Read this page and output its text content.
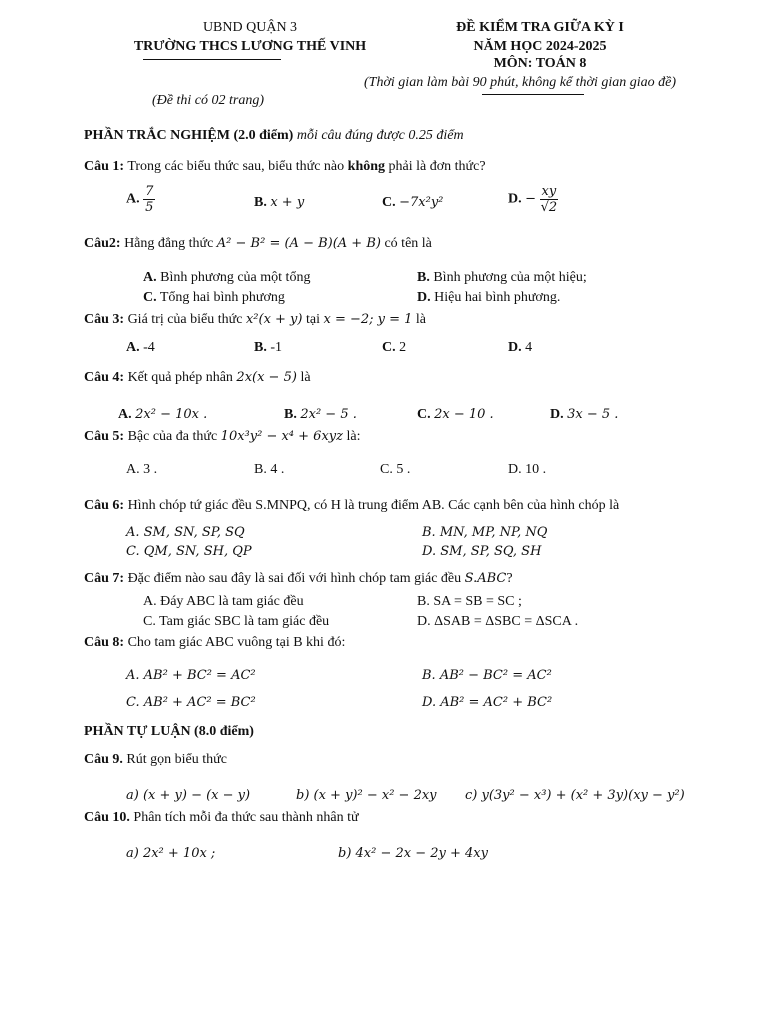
UBND QUẬN 3
TRƯỜNG THCS LƯƠNG THẾ VINH
ĐỀ KIỂM TRA GIỮA KỲ I
NĂM HỌC 2024-2025
MÔN: TOÁN 8
(Thời gian làm bài 90 phút, không kể thời gian giao đề)
(Đề thi có 02 trang)
PHẦN TRẮC NGHIỆM (2.0 điểm) mỗi câu đúng được 0.25 điểm
Câu 1: Trong các biểu thức sau, biểu thức nào không phải là đơn thức?
A. $\frac{7}{5}$	B. x + y	C. −7x²y²	D. − $\frac{xy}{√2}$
Câu2: Hằng đẳng thức A² − B² = (A − B)(A + B) có tên là
A. Bình phương của một tổng	B. Bình phương của một hiệu;
C. Tổng hai bình phương	D. Hiệu hai bình phương.
Câu 3: Giá trị của biểu thức x²(x + y) tại x = −2; y = 1 là
A. -4	B. -1	C. 2	D. 4
Câu 4: Kết quả phép nhân 2x(x − 5) là
A. 2x² − 10x .	B. 2x² − 5 .	C. 2x − 10 .	D. 3x − 5 .
Câu 5: Bậc của đa thức 10x³y² − x⁴ + 6xyz là:
A. 3 .	B. 4 .	C. 5 .	D. 10 .
Câu 6: Hình chóp tứ giác đều S.MNPQ, có H là trung điểm AB. Các cạnh bên của hình chóp là
A. SM, SN, SP, SQ	B. MN, MP, NP, NQ
C. QM, SN, SH, QP	D. SM, SP, SQ, SH
Câu 7: Đặc điểm nào sau đây là sai đối với hình chóp tam giác đều S.ABC?
A. Đáy ABC là tam giác đều	B. SA = SB = SC ;
C. Tam giác SBC là tam giác đều	D. ΔSAB = ΔSBC = ΔSCA .
Câu 8: Cho tam giác ABC vuông tại B khi đó:
A. AB² + BC² = AC²	B. AB² − BC² = AC²
C. AB² + AC² = BC²	D. AB² = AC² + BC²
PHẦN TỰ LUẬN (8.0 điểm)
Câu 9. Rút gọn biểu thức
a) (x + y) − (x − y)	b) (x + y)² − x² − 2xy c) y(3y² − x³) + (x² + 3y)(xy − y²)
Câu 10. Phân tích mỗi đa thức sau thành nhân tử
a) 2x² + 10x ;	b) 4x² − 2x − 2y + 4xy
